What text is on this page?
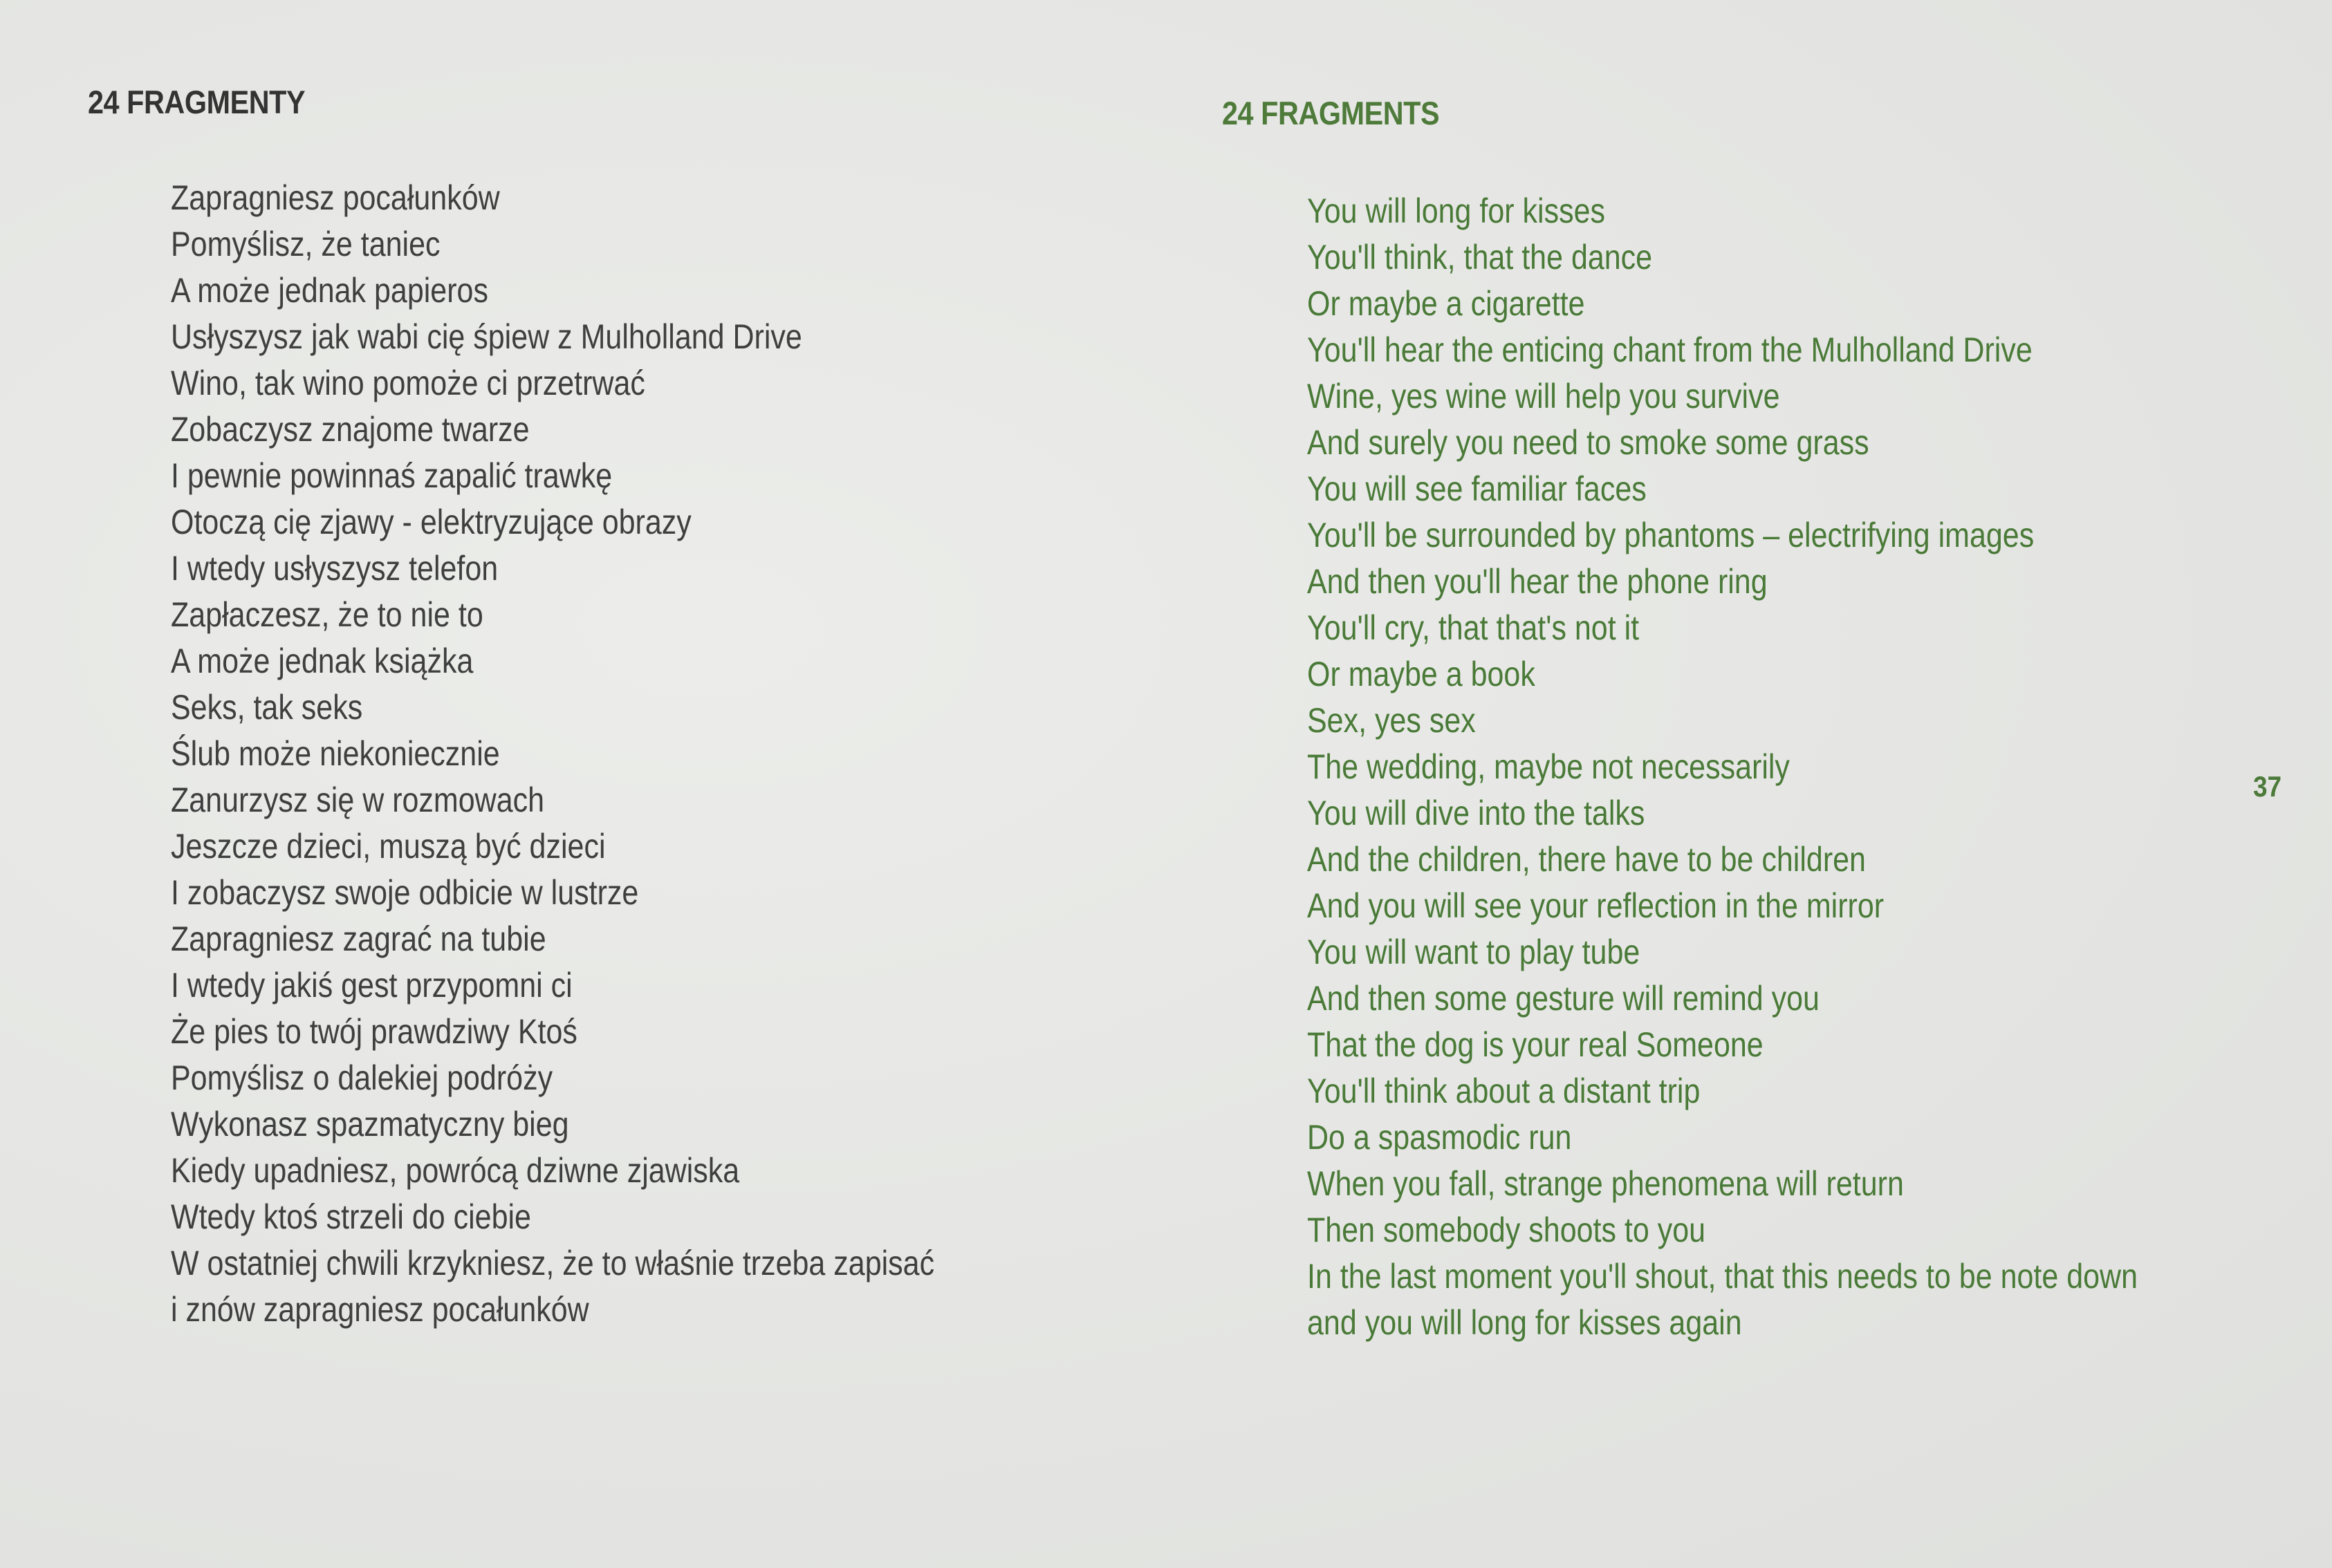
24 FRAGMENTY
Zapragniesz pocałunków
Pomyślisz, że taniec
A może jednak papieros
Usłyszysz jak wabi cię śpiew z Mulholland Drive
Wino, tak wino pomoże ci przetrwać
Zobaczysz znajome twarze
I pewnie powinnaś zapalić trawkę
Otoczą cię zjawy - elektryzujące obrazy
I wtedy usłyszysz telefon
Zapłaczesz, że to nie to
A może jednak książka
Seks, tak seks
Ślub może niekoniecznie
Zanurzysz się w rozmowach
Jeszcze dzieci, muszą być dzieci
I zobaczysz swoje odbicie w lustrze
Zapragniesz zagrać na tubie
I wtedy jakiś gest przypomni ci
Że pies to twój prawdziwy Ktoś
Pomyślisz o dalekiej podróży
Wykonasz spazmatyczny bieg
Kiedy upadniesz, powrócą dziwne zjawiska
Wtedy ktoś strzeli do ciebie
W ostatniej chwili krzykniesz, że to właśnie trzeba zapisać
i znów zapragniesz pocałunków
24 FRAGMENTS
You will long for kisses
You'll think, that the dance
Or maybe a cigarette
You'll hear the enticing chant from the Mulholland Drive
Wine, yes wine will help you survive
And surely you need to smoke some grass
You will see familiar faces
You'll be surrounded by phantoms – electrifying images
And then you'll hear the phone ring
You'll cry, that that's not it
Or maybe a book
Sex, yes sex
The wedding, maybe not necessarily
You will dive into the talks
And the children, there have to be children
And you will see your reflection in the mirror
You will want to play tube
And then some gesture will remind you
That the dog is your real Someone
You'll think about a distant trip
Do a spasmodic run
When you fall, strange phenomena will return
Then somebody shoots to you
In the last moment you'll shout, that this needs to be note down
and you will long for kisses again
37
